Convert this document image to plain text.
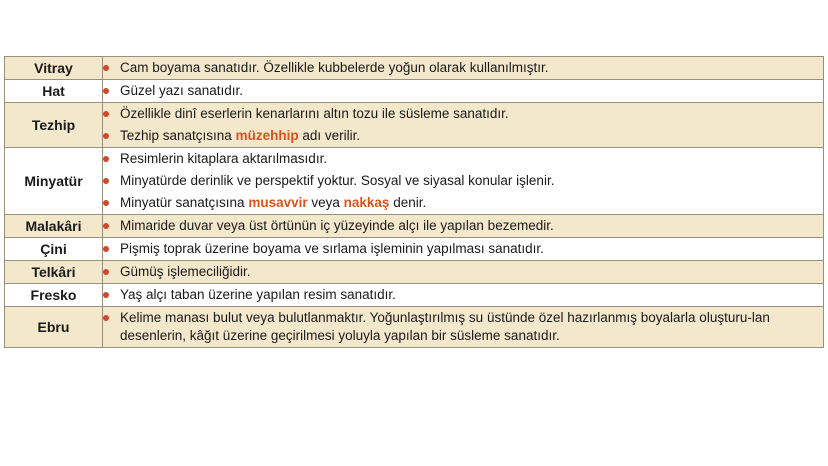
Vitray	Cam boyama sanatıdır. Özellikle kubbelerde yoğun olarak kullanılmıştır.

Hat	Güzel yazı sanatıdır.

Tezhip	Özellikle dinî eserlerin kenarlarını altın tozu ile süsleme sanatıdır.
Tezhip sanatçısına müzehhip adı verilir.

Minyatür	Resimlerin kitaplara aktarılmasıdır.
Minyatürde derinlik ve perspektif yoktur. Sosyal ve siyasal konular işlenir.
Minyatür sanatçısına musavvir veya nakkaş denir.

Malakâri	Mimaride duvar veya üst örtünün iç yüzeyinde alçı ile yapılan bezemedir.

Çini	Pişmiş toprak üzerine boyama ve sırlama işleminin yapılması sanatıdır.

Telkâri	Gümüş işlemeciliğidir.

Fresko	Yaş alçı taban üzerine yapılan resim sanatıdır.

Ebru	Kelime manası bulut veya bulutlanmaktır. Yoğunlaştırılmış su üstünde özel hazırlanmış boyalarla oluşturu-lan desenlerin, kâğıt üzerine geçirilmesi yoluyla yapılan bir süsleme sanatıdır.
